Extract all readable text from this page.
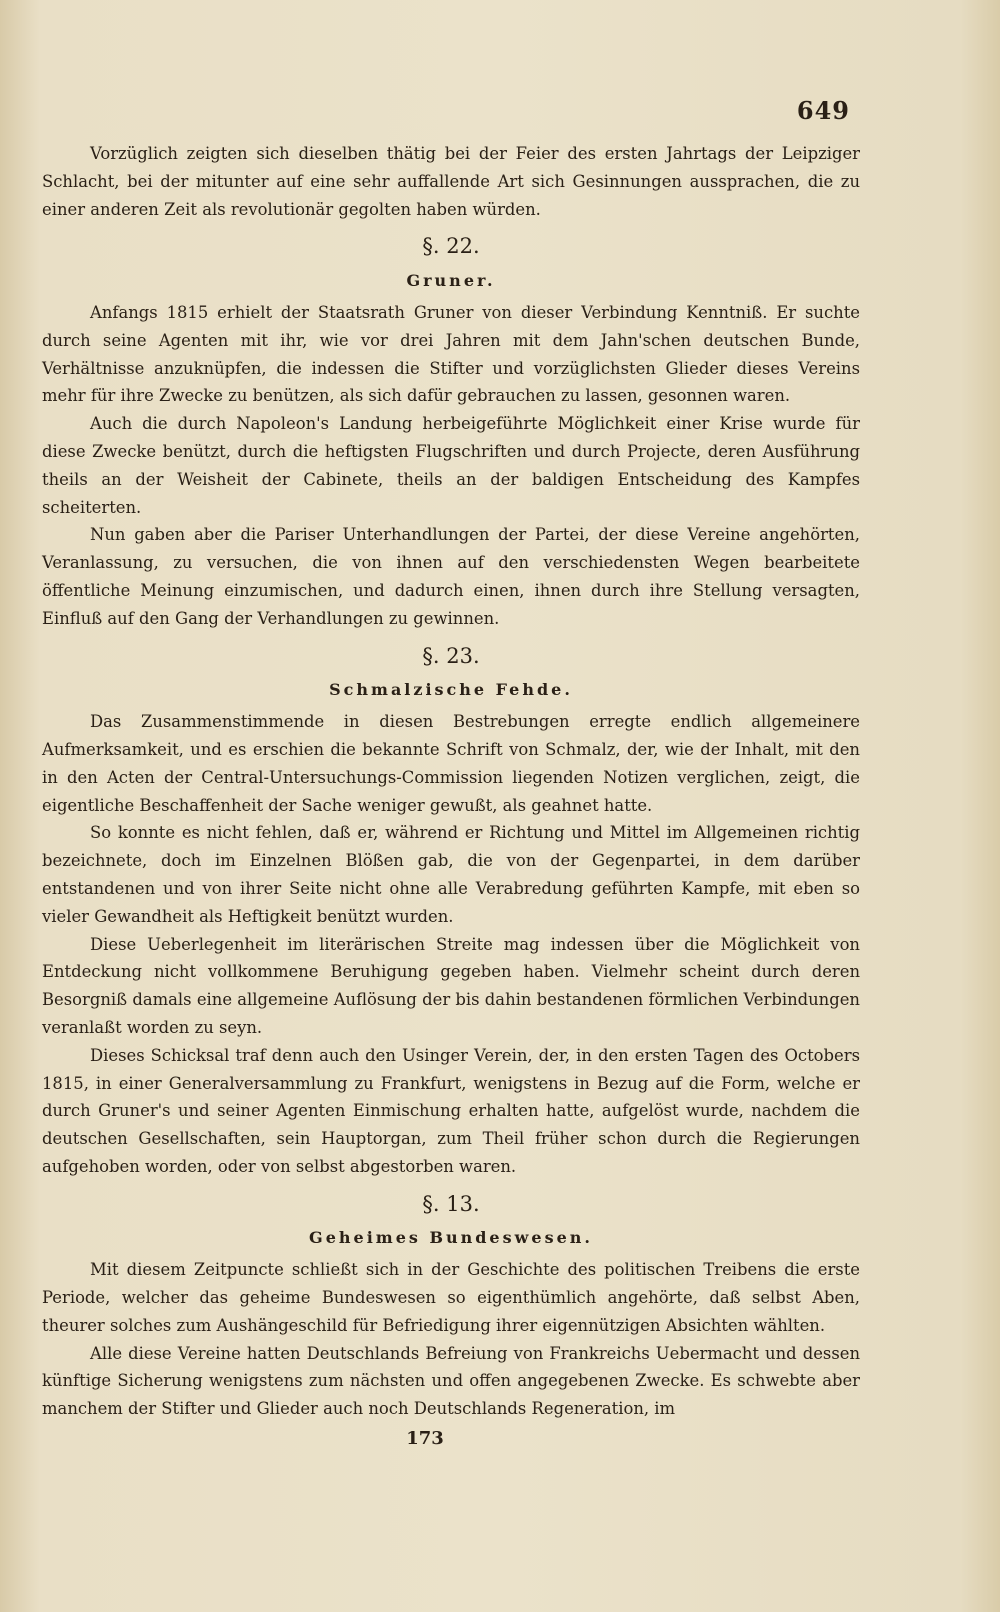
649

Vorzüglich zeigten sich dieselben thätig bei der Feier des ersten Jahrtags der Leipziger Schlacht, bei der mitunter auf eine sehr auffallende Art sich Gesinnungen aussprachen, die zu einer anderen Zeit als revolutionär gegolten haben würden.

§. 22.
Gruner.

Anfangs 1815 erhielt der Staatsrath Gruner von dieser Verbindung Kenntniß. Er suchte durch seine Agenten mit ihr, wie vor drei Jahren mit dem Jahn'schen deutschen Bunde, Verhältnisse anzuknüpfen, die indessen die Stifter und vorzüglichsten Glieder dieses Vereins mehr für ihre Zwecke zu benützen, als sich dafür gebrauchen zu lassen, gesonnen waren.

Auch die durch Napoleon's Landung herbeigeführte Möglichkeit einer Krise wurde für diese Zwecke benützt, durch die heftigsten Flugschriften und durch Projecte, deren Ausführung theils an der Weisheit der Cabinete, theils an der baldigen Entscheidung des Kampfes scheiterten.

Nun gaben aber die Pariser Unterhandlungen der Partei, der diese Vereine angehörten, Veranlassung, zu versuchen, die von ihnen auf den verschiedensten Wegen bearbeitete öffentliche Meinung einzumischen, und dadurch einen, ihnen durch ihre Stellung versagten, Einfluß auf den Gang der Verhandlungen zu gewinnen.

§. 23.
Schmalzische Fehde.

Das Zusammenstimmende in diesen Bestrebungen erregte endlich allgemeinere Aufmerksamkeit, und es erschien die bekannte Schrift von Schmalz, der, wie der Inhalt, mit den in den Acten der Central-Untersuchungs-Commission liegenden Notizen verglichen, zeigt, die eigentliche Beschaffenheit der Sache weniger gewußt, als geahnet hatte.

So konnte es nicht fehlen, daß er, während er Richtung und Mittel im Allgemeinen richtig bezeichnete, doch im Einzelnen Blößen gab, die von der Gegenpartei, in dem darüber entstandenen und von ihrer Seite nicht ohne alle Verabredung geführten Kampfe, mit eben so vieler Gewandheit als Heftigkeit benützt wurden.

Diese Ueberlegenheit im literärischen Streite mag indessen über die Möglichkeit von Entdeckung nicht vollkommene Beruhigung gegeben haben. Vielmehr scheint durch deren Besorgniß damals eine allgemeine Auflösung der bis dahin bestandenen förmlichen Verbindungen veranlaßt worden zu seyn.

Dieses Schicksal traf denn auch den Usinger Verein, der, in den ersten Tagen des Octobers 1815, in einer Generalversammlung zu Frankfurt, wenigstens in Bezug auf die Form, welche er durch Gruner's und seiner Agenten Einmischung erhalten hatte, aufgelöst wurde, nachdem die deutschen Gesellschaften, sein Hauptorgan, zum Theil früher schon durch die Regierungen aufgehoben worden, oder von selbst abgestorben waren.

§. 13.
Geheimes Bundeswesen.

Mit diesem Zeitpuncte schließt sich in der Geschichte des politischen Treibens die erste Periode, welcher das geheime Bundeswesen so eigenthümlich angehörte, daß selbst Aben, theurer solches zum Aushängeschild für Befriedigung ihrer eigennützigen Absichten wählten.

Alle diese Vereine hatten Deutschlands Befreiung von Frankreichs Uebermacht und dessen künftige Sicherung wenigstens zum nächsten und offen angegebenen Zwecke. Es schwebte aber manchem der Stifter und Glieder auch noch Deutschlands Regeneration, im

173
